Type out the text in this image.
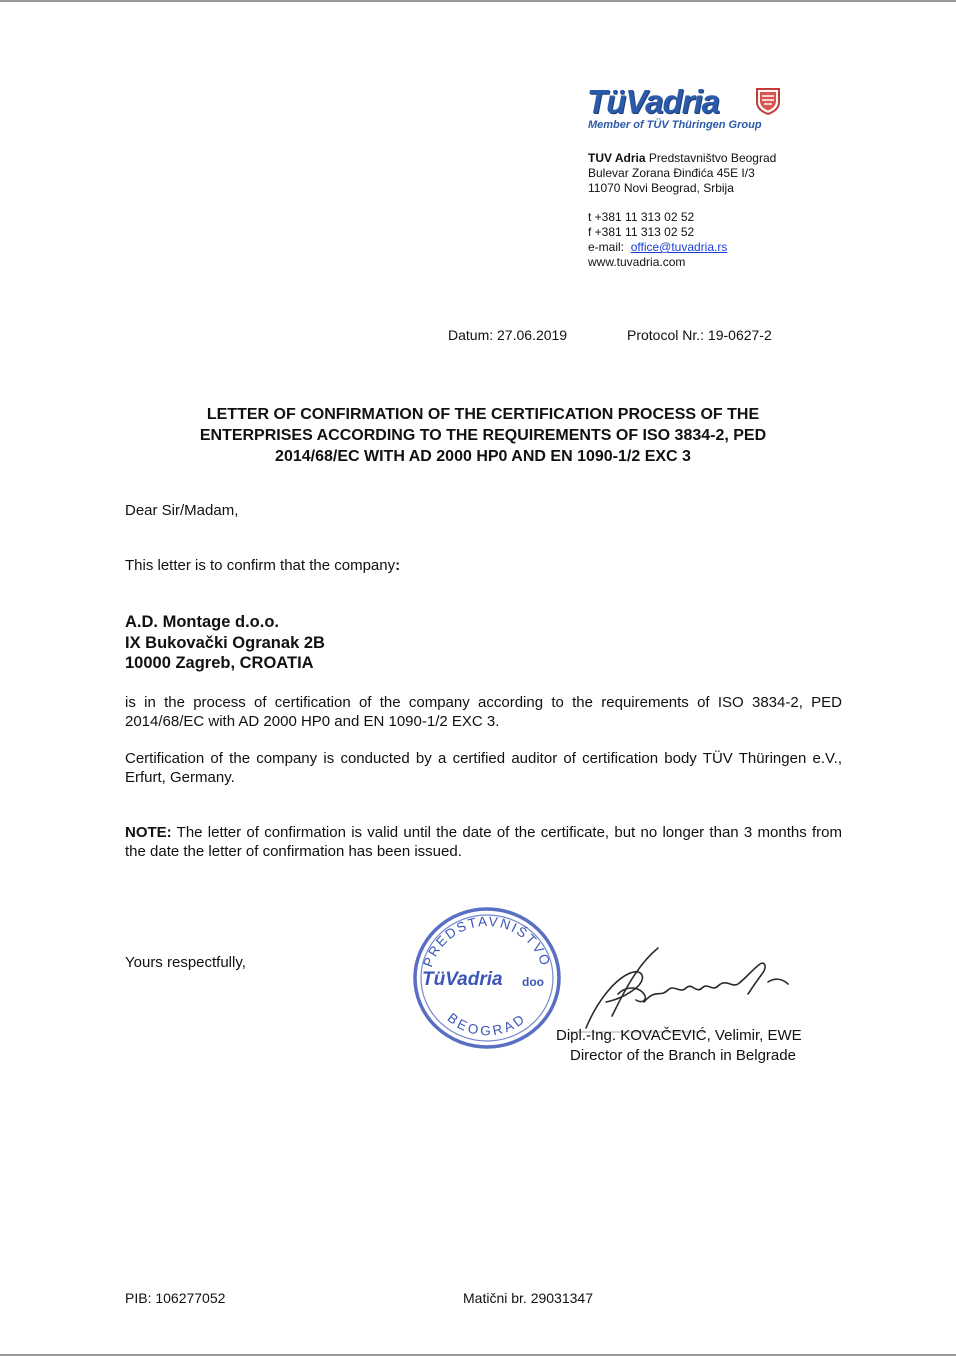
TüVadria
Member of TÜV Thüringen Group
TUV Adria Predstavništvo Beograd
Bulevar Zorana Đinđića 45E I/3
11070 Novi Beograd, Srbija
t +381 11 313 02 52
f +381 11 313 02 52
e-mail: office@tuvadria.rs
www.tuvadria.com
Datum: 27.06.2019	Protocol Nr.: 19-0627-2
LETTER OF CONFIRMATION OF THE CERTIFICATION PROCESS OF THE
ENTERPRISES ACCORDING TO THE REQUIREMENTS OF ISO 3834-2, PED
2014/68/EC WITH AD 2000 HP0 AND EN 1090-1/2 EXC 3
Dear Sir/Madam,
This letter is to confirm that the company:
A.D. Montage d.o.o.
IX Bukovački Ogranak 2B
10000 Zagreb, CROATIA
is in the process of certification of the company according to the requirements of ISO 3834-2, PED 2014/68/EC with AD 2000 HP0 and EN 1090-1/2 EXC 3.
Certification of the company is conducted by a certified auditor of certification body TÜV Thüringen e.V., Erfurt, Germany.
NOTE: The letter of confirmation is valid until the date of the certificate, but no longer than 3 months from the date the letter of confirmation has been issued.
Yours respectfully,	PREDSTAVNIŠTVO
BEOGRAD
TüVadria doo
Dipl.-Ing. KOVAČEVIĆ, Velimir, EWE
Director of the Branch in Belgrade
PIB: 106277052	Matični br. 29031347
